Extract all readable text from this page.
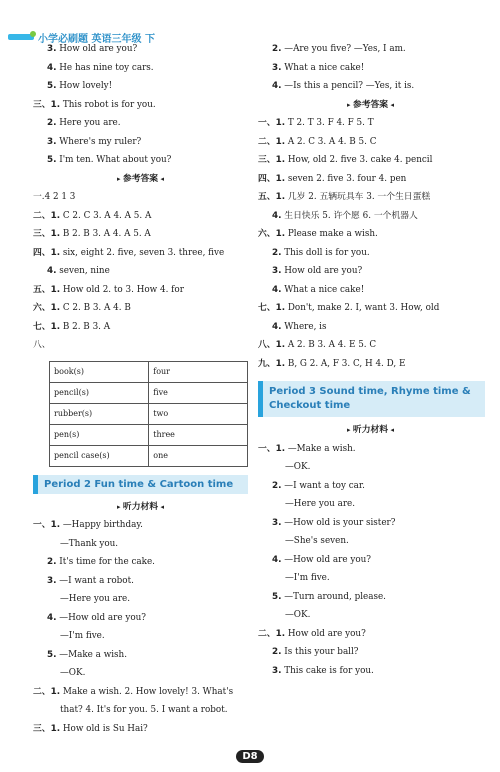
小学必刷题 英语三年级 下
3. How old are you?
4. He has nine toy cars.
5. How lovely!
三、1. This robot is for you.
2. Here you are.
3. Where's my ruler?
5. I'm ten. What about you?
▸ 参考答案 ◂
一.4 2 1 3
二、1. C 2. C 3. A 4. A 5. A
三、1. B 2. B 3. A 4. A 5. A
四、1. six, eight 2. five, seven 3. three, five
4. seven, nine
五、1. How old 2. to 3. How 4. for
六、1. C 2. B 3. A 4. B
七、1. B 2. B 3. A
八、
book(s)	four
pencil(s)	five
rubber(s)	two
pen(s)	three
pencil case(s)	one
Period 2 Fun time & Cartoon time
▸ 听力材料 ◂
一、1. —Happy birthday.
—Thank you.
2. It's time for the cake.
3. —I want a robot.
—Here you are.
4. —How old are you?
—I'm five.
5. —Make a wish.
—OK.
二、1. Make a wish. 2. How lovely! 3. What's
that? 4. It's for you. 5. I want a robot.
三、1. How old is Su Hai?
2. —Are you five? —Yes, I am.
3. What a nice cake!
4. —Is this a pencil? —Yes, it is.
▸ 参考答案 ◂
一、1. T 2. T 3. F 4. F 5. T
二、1. A 2. C 3. A 4. B 5. C
三、1. How, old 2. five 3. cake 4. pencil
四、1. seven 2. five 3. four 4. pen
五、1. 几岁 2. 五辆玩具车 3. 一个生日蛋糕
4. 生日快乐 5. 许个愿 6. 一个机器人
六、1. Please make a wish.
2. This doll is for you.
3. How old are you?
4. What a nice cake!
七、1. Don't, make 2. I, want 3. How, old
4. Where, is
八、1. A 2. B 3. A 4. E 5. C
九、1. B, G 2. A, F 3. C, H 4. D, E
Period 3 Sound time, Rhyme time & Checkout time
▸ 听力材料 ◂
一、1. —Make a wish.
—OK.
2. —I want a toy car.
—Here you are.
3. —How old is your sister?
—She's seven.
4. —How old are you?
—I'm five.
5. —Turn around, please.
—OK.
二、1. How old are you?
2. Is this your ball?
3. This cake is for you.
D8
